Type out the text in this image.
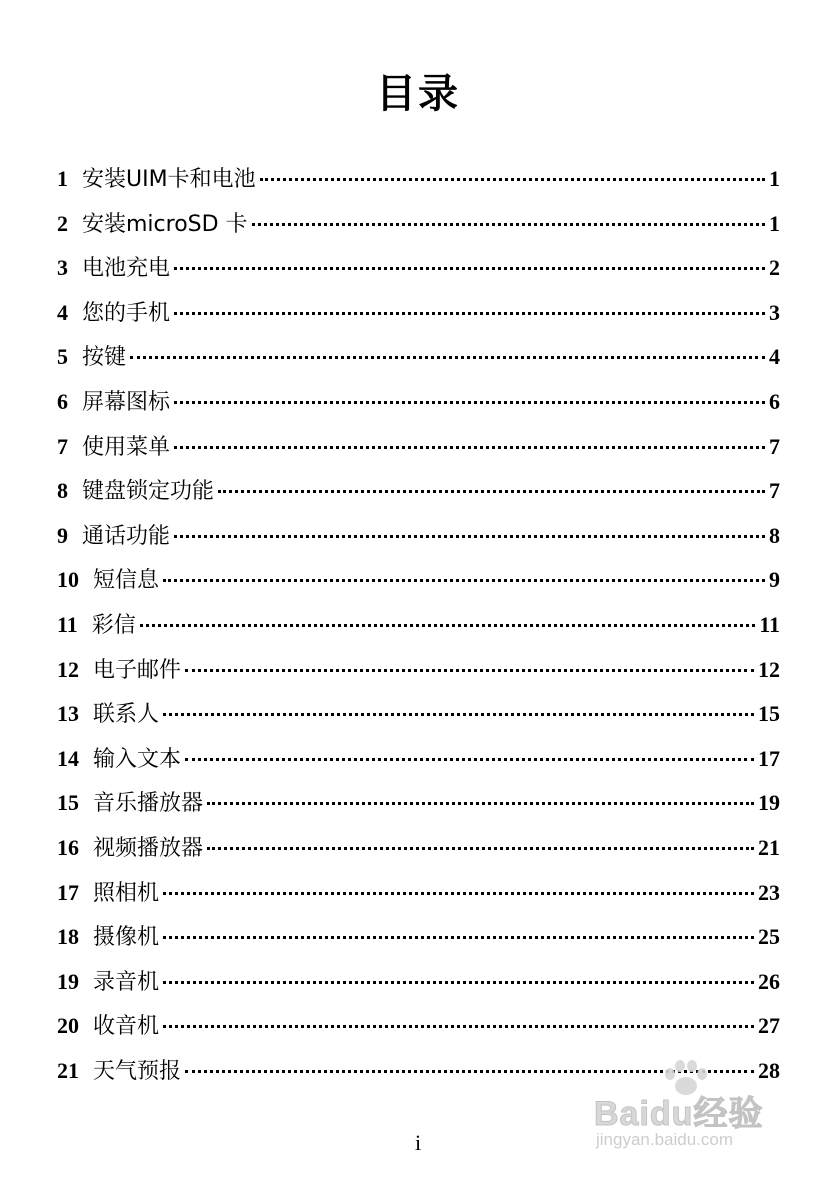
目录
1 安装UIM卡和电池	1
2 安装microSD 卡	1
3 电池充电	2
4 您的手机	3
5 按键	4
6 屏幕图标	6
7 使用菜单	7
8 键盘锁定功能	7
9 通话功能	8
10 短信息	9
11 彩信	11
12 电子邮件	12
13 联系人	15
14 输入文本	17
15 音乐播放器	19
16 视频播放器	21
17 照相机	23
18 摄像机	25
19 录音机	26
20 收音机	27
21 天气预报	28
i
Baidu经验
jingyan.baidu.com
